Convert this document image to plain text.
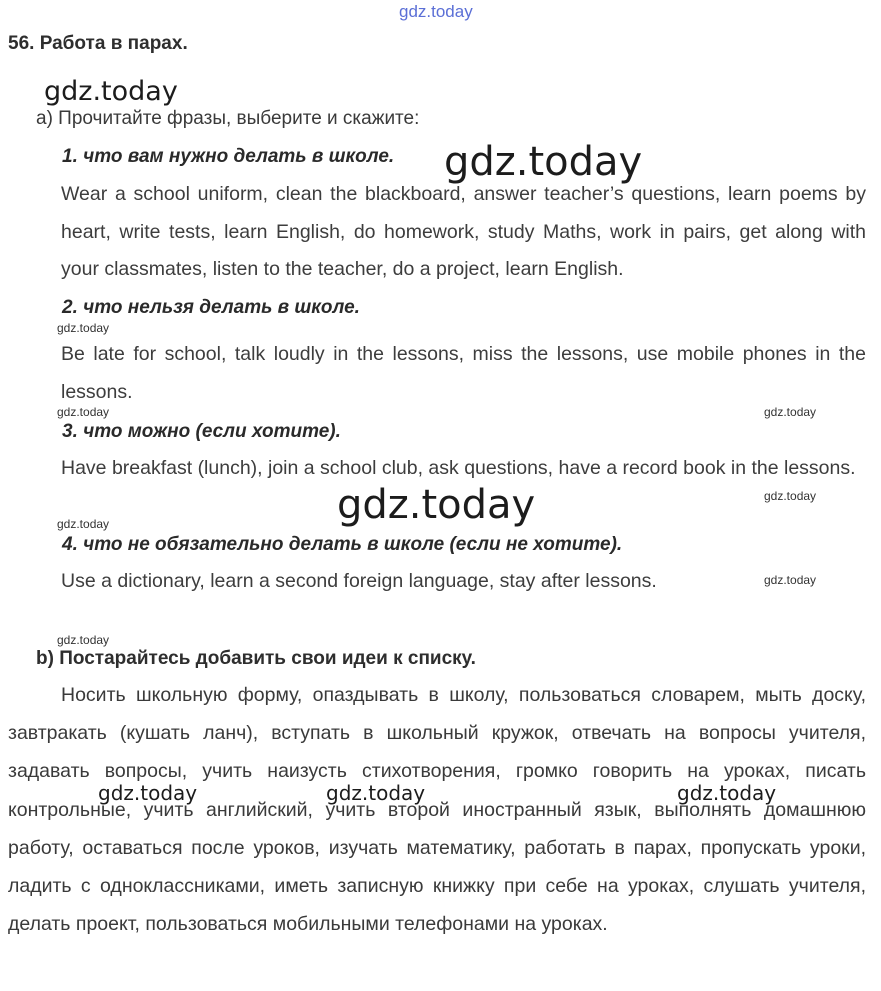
gdz.today
gdz.today
gdz.today
gdz.today
gdz.today	gdz.today
gdz.today	gdz.today
gdz.today
gdz.today
gdz.today
gdz.today	gdz.today	gdz.today
56. Работа в парах.
a) Прочитайте фразы, выберите и скажите:
1. что вам нужно делать в школе.
Wear a school uniform, clean the blackboard, answer teacher’s questions, learn poems by heart, write tests, learn English, do homework, study Maths, work in pairs, get along with your classmates, listen to the teacher, do a project, learn English.
2. что нельзя делать в школе.
Be late for school, talk loudly in the lessons, miss the lessons, use mobile phones in the lessons.
3. что можно (если хотите).
Have breakfast (lunch), join a school club, ask questions, have a record book in the lessons.
4. что не обязательно делать в школе (если не хотите).
Use a dictionary, learn a second foreign language, stay after lessons.
b) Постарайтесь добавить свои идеи к списку.
Носить школьную форму, опаздывать в школу, пользоваться словарем, мыть доску, завтракать (кушать ланч), вступать в школьный кружок, отвечать на вопросы учителя, задавать вопросы, учить наизусть стихотворения, громко говорить на уроках, писать контрольные, учить английский, учить второй иностранный язык, выполнять домашнюю работу, оставаться после уроков, изучать математику, работать в парах, пропускать уроки, ладить с одноклассниками, иметь записную книжку при себе на уроках, слушать учителя, делать проект, пользоваться мобильными телефонами на уроках.
